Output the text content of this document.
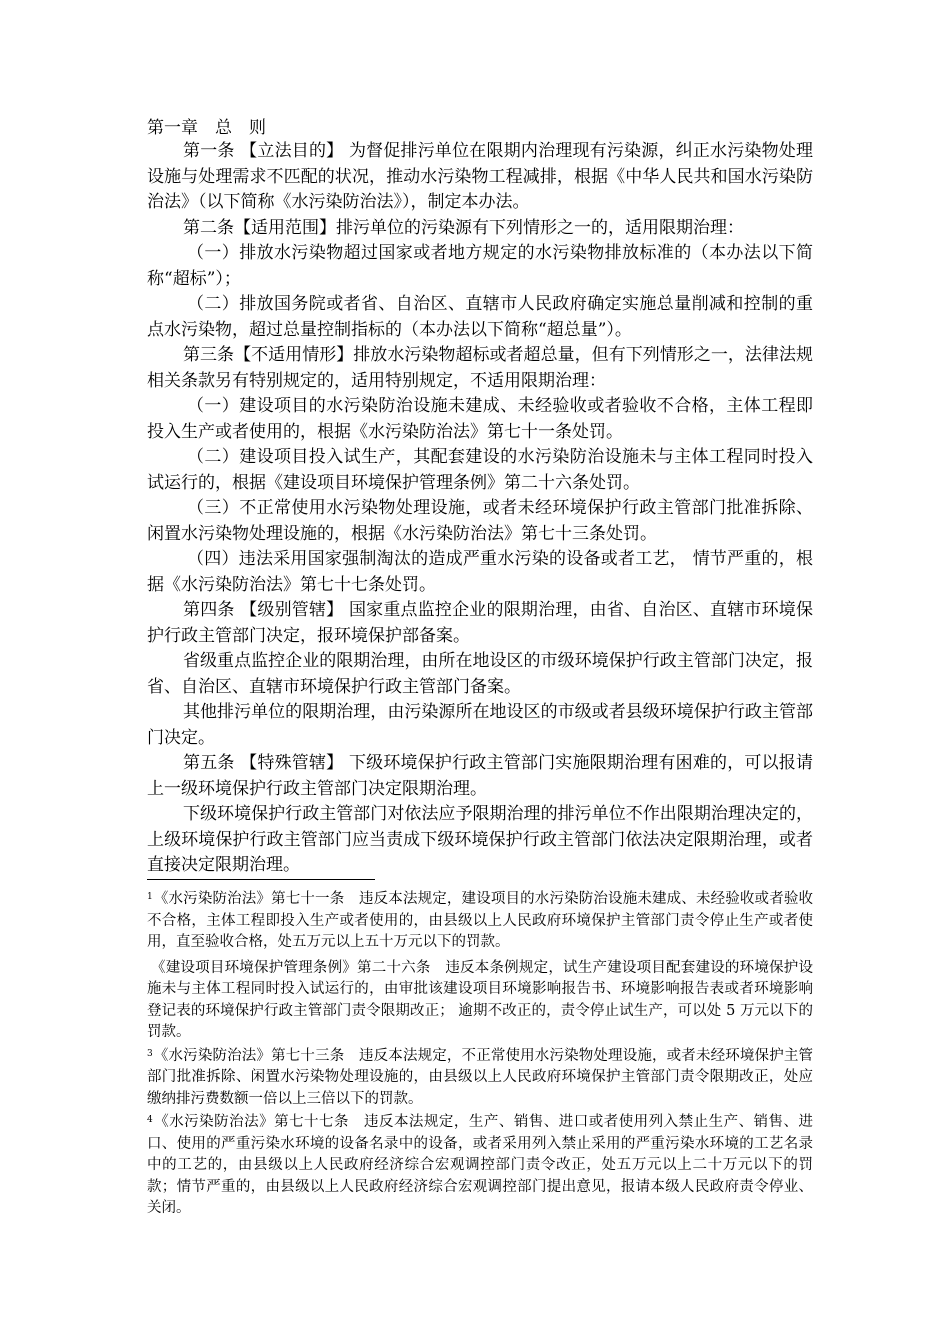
第一章　总　则

第一条 【立法目的】 为督促排污单位在限期内治理现有污染源，纠正水污染物处理设施与处理需求不匹配的状况，推动水污染物工程减排，根据《中华人民共和国水污染防治法》（以下简称《水污染防治法》），制定本办法。

第二条【适用范围】排污单位的污染源有下列情形之一的，适用限期治理：

（一）排放水污染物超过国家或者地方规定的水污染物排放标准的（本办法以下简称“超标”）；

（二）排放国务院或者省、自治区、直辖市人民政府确定实施总量削减和控制的重点水污染物，超过总量控制指标的（本办法以下简称“超总量”）。

第三条【不适用情形】排放水污染物超标或者超总量，但有下列情形之一，法律法规相关条款另有特别规定的，适用特别规定，不适用限期治理：

（一）建设项目的水污染防治设施未建成、未经验收或者验收不合格，主体工程即投入生产或者使用的，根据《水污染防治法》第七十一条处罚。

（二）建设项目投入试生产，其配套建设的水污染防治设施未与主体工程同时投入试运行的，根据《建设项目环境保护管理条例》第二十六条处罚。

（三）不正常使用水污染物处理设施，或者未经环境保护行政主管部门批准拆除、闲置水污染物处理设施的，根据《水污染防治法》第七十三条处罚。

（四）违法采用国家强制淘汰的造成严重水污染的设备或者工艺， 情节严重的，根据《水污染防治法》第七十七条处罚。

第四条 【级别管辖】 国家重点监控企业的限期治理，由省、自治区、直辖市环境保护行政主管部门决定，报环境保护部备案。

省级重点监控企业的限期治理，由所在地设区的市级环境保护行政主管部门决定，报省、自治区、直辖市环境保护行政主管部门备案。

其他排污单位的限期治理，由污染源所在地设区的市级或者县级环境保护行政主管部门决定。

第五条 【特殊管辖】 下级环境保护行政主管部门实施限期治理有困难的，可以报请上一级环境保护行政主管部门决定限期治理。

下级环境保护行政主管部门对依法应予限期治理的排污单位不作出限期治理决定的，上级环境保护行政主管部门应当责成下级环境保护行政主管部门依法决定限期治理，或者直接决定限期治理。

$^1$《水污染防治法》第七十一条　违反本法规定，建设项目的水污染防治设施未建成、未经验收或者验收不合格，主体工程即投入生产或者使用的，由县级以上人民政府环境保护主管部门责令停止生产或者使用，直至验收合格，处五万元以上五十万元以下的罚款。

《建设项目环境保护管理条例》第二十六条　违反本条例规定，试生产建设项目配套建设的环境保护设施未与主体工程同时投入试运行的，由审批该建设项目环境影响报告书、环境影响报告表或者环境影响登记表的环境保护行政主管部门责令限期改正； 逾期不改正的，责令停止试生产，可以处 5 万元以下的罚款。

$^3$《水污染防治法》第七十三条　违反本法规定，不正常使用水污染物处理设施，或者未经环境保护主管部门批准拆除、闲置水污染物处理设施的，由县级以上人民政府环境保护主管部门责令限期改正，处应缴纳排污费数额一倍以上三倍以下的罚款。

$^4$《水污染防治法》第七十七条　违反本法规定，生产、销售、进口或者使用列入禁止生产、销售、进口、使用的严重污染水环境的设备名录中的设备，或者采用列入禁止采用的严重污染水环境的工艺名录中的工艺的，由县级以上人民政府经济综合宏观调控部门责令改正，处五万元以上二十万元以下的罚款；情节严重的，由县级以上人民政府经济综合宏观调控部门提出意见，报请本级人民政府责令停业、关闭。
